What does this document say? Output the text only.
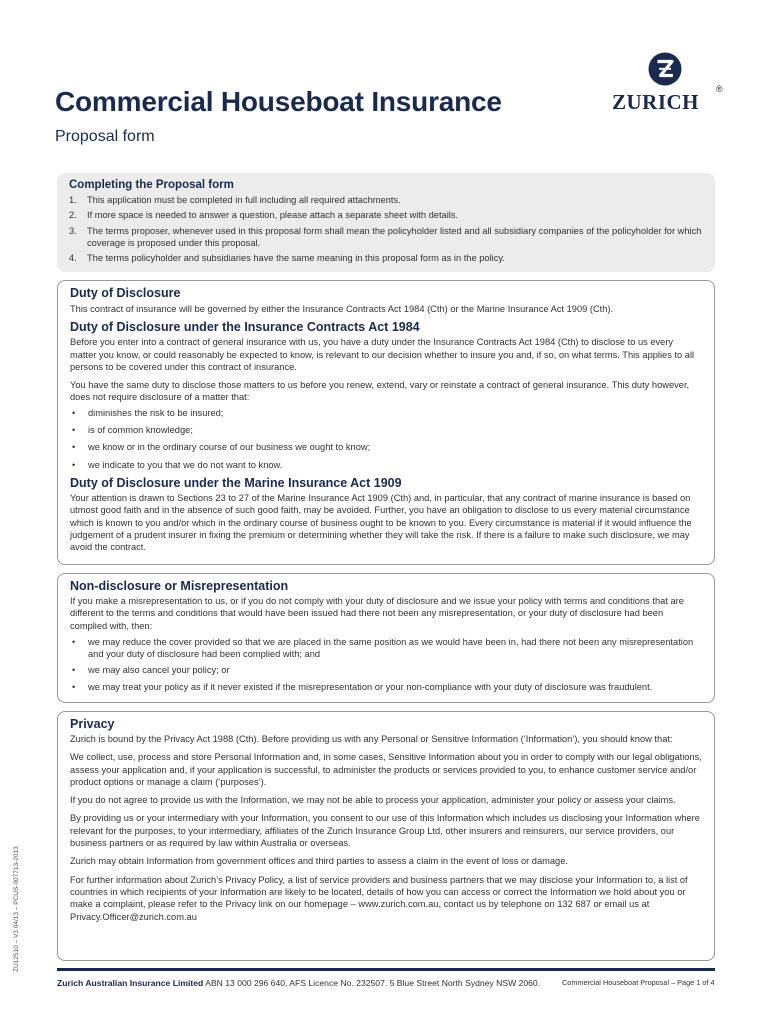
Commercial Houseboat Insurance
Proposal form
ZURICH
®
Completing the Proposal form
1. This application must be completed in full including all required attachments.
2. If more space is needed to answer a question, please attach a separate sheet with details.
3. The terms proposer, whenever used in this proposal form shall mean the policyholder listed and all subsidiary companies of the policyholder for which coverage is proposed under this proposal.
4. The terms policyholder and subsidiaries have the same meaning in this proposal form as in the policy.
Duty of Disclosure
This contract of insurance will be governed by either the Insurance Contracts Act 1984 (Cth) or the Marine Insurance Act 1909 (Cth).
Duty of Disclosure under the Insurance Contracts Act 1984
Before you enter into a contract of general insurance with us, you have a duty under the Insurance Contracts Act 1984 (Cth) to disclose to us every matter you know, or could reasonably be expected to know, is relevant to our decision whether to insure you and, if so, on what terms. This applies to all persons to be covered under this contract of insurance.
You have the same duty to disclose those matters to us before you renew, extend, vary or reinstate a contract of general insurance. This duty however, does not require disclosure of a matter that:
• diminishes the risk to be insured;
• is of common knowledge;
• we know or in the ordinary course of our business we ought to know;
• we indicate to you that we do not want to know.
Duty of Disclosure under the Marine Insurance Act 1909
Your attention is drawn to Sections 23 to 27 of the Marine Insurance Act 1909 (Cth) and, in particular, that any contract of marine insurance is based on utmost good faith and in the absence of such good faith, may be avoided. Further, you have an obligation to disclose to us every material circumstance which is known to you and/or which in the ordinary course of business ought to be known to you. Every circumstance is material if it would influence the judgement of a prudent insurer in fixing the premium or determining whether they will take the risk. If there is a failure to make such disclosure, we may avoid the contract.
Non-disclosure or Misrepresentation
If you make a misrepresentation to us, or if you do not comply with your duty of disclosure and we issue your policy with terms and conditions that are different to the terms and conditions that would have been issued had there not been any misrepresentation, or your duty of disclosure had been complied with, then:
• we may reduce the cover provided so that we are placed in the same position as we would have been in, had there not been any misrepresentation and your duty of disclosure had been complied with; and
• we may also cancel your policy; or
• we may treat your policy as if it never existed if the misrepresentation or your non-compliance with your duty of disclosure was fraudulent.
Privacy
Zurich is bound by the Privacy Act 1988 (Cth). Before providing us with any Personal or Sensitive Information (‘Information’), you should know that:
We collect, use, process and store Personal Information and, in some cases, Sensitive Information about you in order to comply with our legal obligations, assess your application and, if your application is successful, to administer the products or services provided to you, to enhance customer service and/or product options or manage a claim (‘purposes’).
If you do not agree to provide us with the Information, we may not be able to process your application, administer your policy or assess your claims.
By providing us or your intermediary with your Information, you consent to our use of this Information which includes us disclosing your Information where relevant for the purposes, to your intermediary, affiliates of the Zurich Insurance Group Ltd, other insurers and reinsurers, our service providers, our business partners or as required by law within Australia or overseas.
Zurich may obtain Information from government offices and third parties to assess a claim in the event of loss or damage.
For further information about Zurich’s Privacy Policy, a list of service providers and business partners that we may disclose your Information to, a list of countries in which recipients of your Information are likely to be located, details of how you can access or correct the Information we hold about you or make a complaint, please refer to the Privacy link on our homepage – www.zurich.com.au, contact us by telephone on 132 687 or email us at Privacy.Officer@zurich.com.au
ZU12510 – V3 04/13 – PCUS-007713-2013
Zurich Australian Insurance Limited ABN 13 000 296 640, AFS Licence No. 232507. 5 Blue Street North Sydney NSW 2060.	Commercial Houseboat Proposal – Page 1 of 4
